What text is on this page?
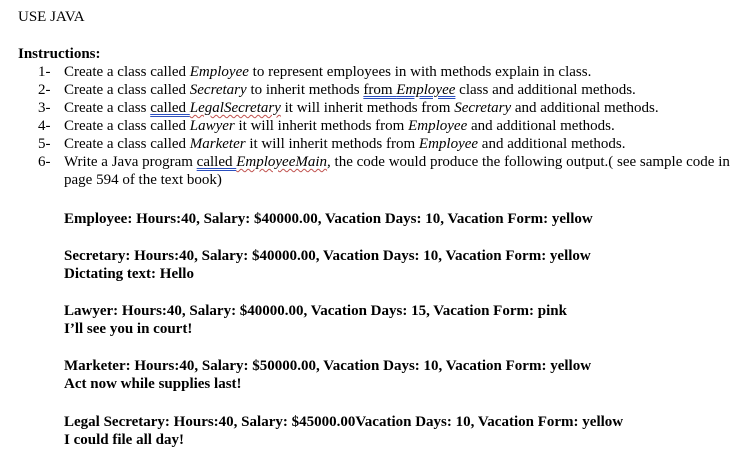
USE JAVA
Instructions:
1- Create a class called Employee to represent employees in with methods explain in class.
2- Create a class called Secretary to inherit methods from Employee class and additional methods.
3- Create a class called LegalSecretary it will inherit methods from Secretary and additional methods.
4- Create a class called Lawyer it will inherit methods from Employee and additional methods.
5- Create a class called Marketer it will inherit methods from Employee and additional methods.
6- Write a Java program called EmployeeMain, the code would produce the following output.( see sample code in page 594 of the text book)
Employee: Hours:40, Salary: $40000.00, Vacation Days: 10, Vacation Form: yellow
Secretary: Hours:40, Salary: $40000.00, Vacation Days: 10, Vacation Form: yellow
Dictating text: Hello
Lawyer: Hours:40, Salary: $40000.00, Vacation Days: 15, Vacation Form: pink
I’ll see you in court!
Marketer: Hours:40, Salary: $50000.00, Vacation Days: 10, Vacation Form: yellow
Act now while supplies last!
Legal Secretary: Hours:40, Salary: $45000.00Vacation Days: 10, Vacation Form: yellow
I could file all day!
